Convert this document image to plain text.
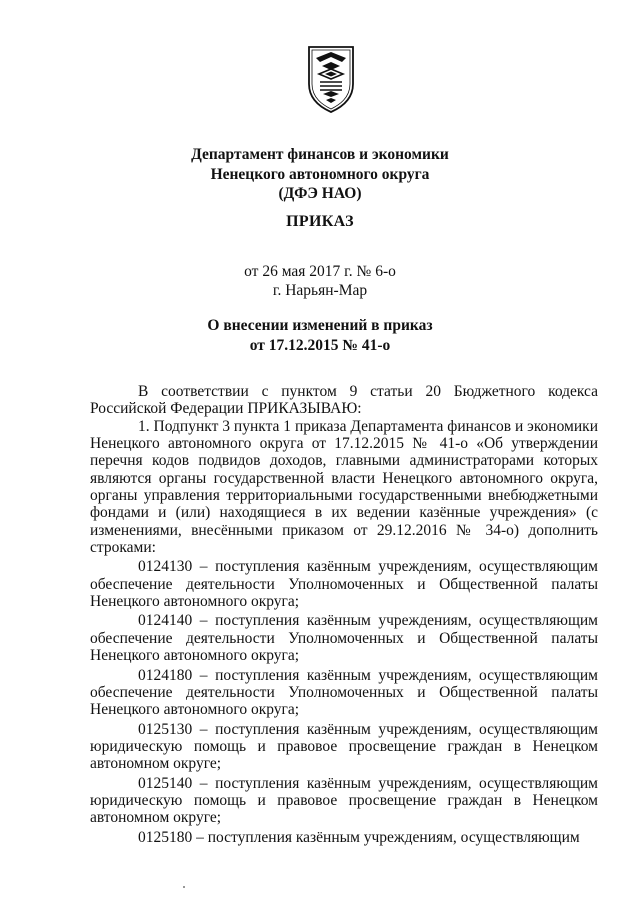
Департамент финансов и экономики
Ненецкого автономного округа
(ДФЭ НАО)
ПРИКАЗ
от 26 мая 2017 г. № 6-о
г. Нарьян-Мар
О внесении изменений в приказ
от 17.12.2015 № 41-о

В соответствии с пунктом 9 статьи 20 Бюджетного кодекса Российской Федерации ПРИКАЗЫВАЮ:

1. Подпункт 3 пункта 1 приказа Департамента финансов и экономики Ненецкого автономного округа от 17.12.2015 № 41-о «Об утверждении перечня кодов подвидов доходов, главными администраторами которых являются органы государственной власти Ненецкого автономного округа, органы управления территориальными государственными внебюджетными фондами и (или) находящиеся в их ведении казённые учреждения» (с изменениями, внесёнными приказом от 29.12.2016 № 34-о) дополнить строками:

0124130 – поступления казённым учреждениям, осуществляющим обеспечение деятельности Уполномоченных и Общественной палаты Ненецкого автономного округа;

0124140 – поступления казённым учреждениям, осуществляющим обеспечение деятельности Уполномоченных и Общественной палаты Ненецкого автономного округа;

0124180 – поступления казённым учреждениям, осуществляющим обеспечение деятельности Уполномоченных и Общественной палаты Ненецкого автономного округа;

0125130 – поступления казённым учреждениям, осуществляющим юридическую помощь и правовое просвещение граждан в Ненецком автономном округе;

0125140 – поступления казённым учреждениям, осуществляющим юридическую помощь и правовое просвещение граждан в Ненецком автономном округе;

0125180 – поступления казённым учреждениям, осуществляющим
